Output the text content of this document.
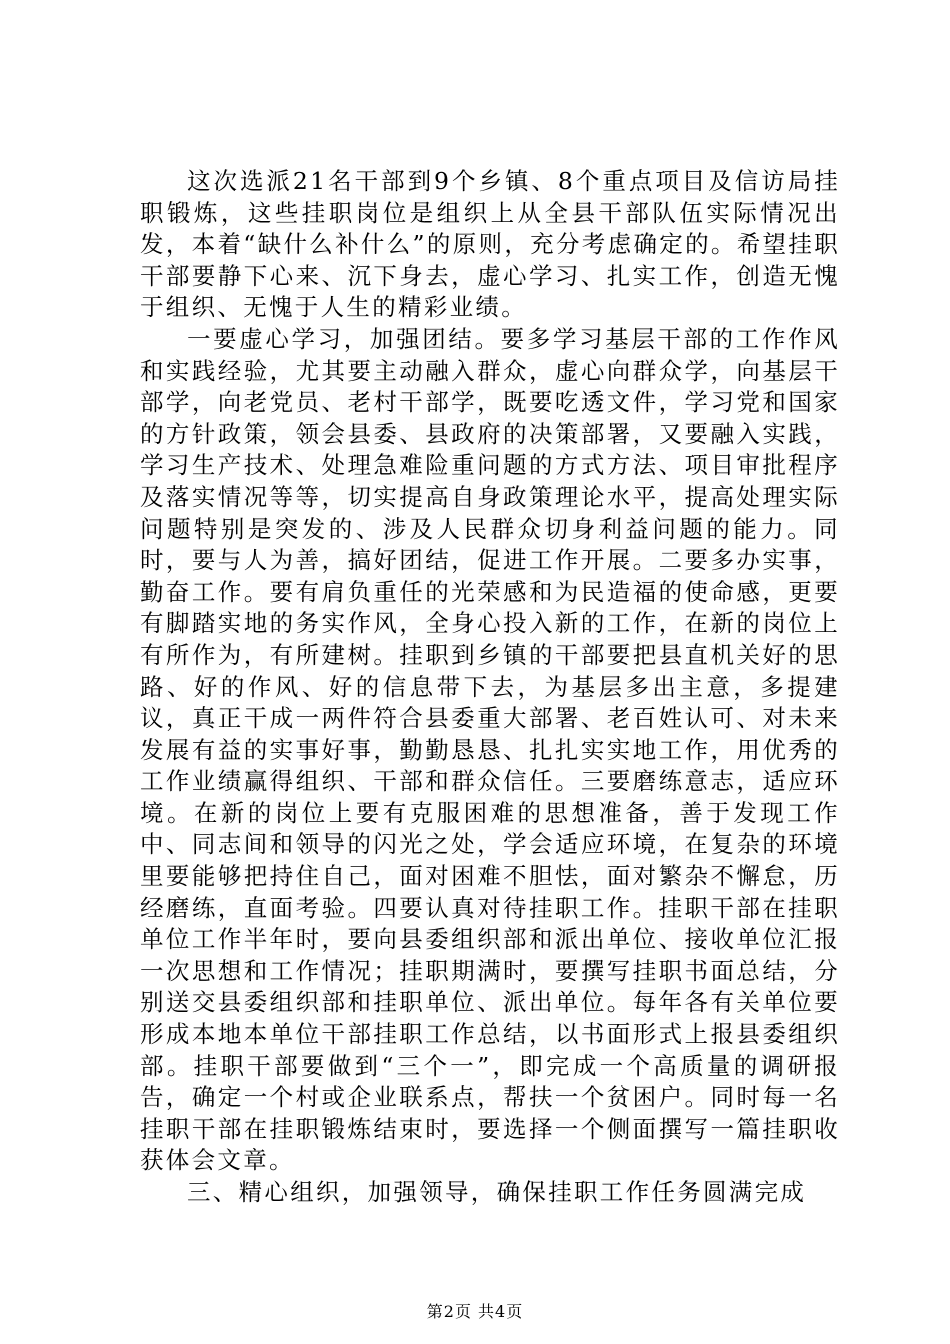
这次选派21名干部到9个乡镇、8个重点项目及信访局挂职锻炼，这些挂职岗位是组织上从全县干部队伍实际情况出发，本着“缺什么补什么”的原则，充分考虑确定的。希望挂职干部要静下心来、沉下身去，虚心学习、扎实工作，创造无愧于组织、无愧于人生的精彩业绩。

一要虚心学习，加强团结。要多学习基层干部的工作作风和实践经验，尤其要主动融入群众，虚心向群众学，向基层干部学，向老党员、老村干部学，既要吃透文件，学习党和国家的方针政策，领会县委、县政府的决策部署，又要融入实践，学习生产技术、处理急难险重问题的方式方法、项目审批程序及落实情况等等，切实提高自身政策理论水平，提高处理实际问题特别是突发的、涉及人民群众切身利益问题的能力。同时，要与人为善，搞好团结，促进工作开展。二要多办实事，勤奋工作。要有肩负重任的光荣感和为民造福的使命感，更要有脚踏实地的务实作风，全身心投入新的工作，在新的岗位上有所作为，有所建树。挂职到乡镇的干部要把县直机关好的思路、好的作风、好的信息带下去，为基层多出主意，多提建议，真正干成一两件符合县委重大部署、老百姓认可、对未来发展有益的实事好事，勤勤恳恳、扎扎实实地工作，用优秀的工作业绩赢得组织、干部和群众信任。三要磨练意志，适应环境。在新的岗位上要有克服困难的思想准备，善于发现工作中、同志间和领导的闪光之处，学会适应环境，在复杂的环境里要能够把持住自己，面对困难不胆怯，面对繁杂不懈怠，历经磨练，直面考验。四要认真对待挂职工作。挂职干部在挂职单位工作半年时，要向县委组织部和派出单位、接收单位汇报一次思想和工作情况；挂职期满时，要撰写挂职书面总结，分别送交县委组织部和挂职单位、派出单位。每年各有关单位要形成本地本单位干部挂职工作总结，以书面形式上报县委组织部。挂职干部要做到“三个一”，即完成一个高质量的调研报告，确定一个村或企业联系点，帮扶一个贫困户。同时每一名挂职干部在挂职锻炼结束时，要选择一个侧面撰写一篇挂职收获体会文章。

三、精心组织，加强领导，确保挂职工作任务圆满完成

第2页 共4页
